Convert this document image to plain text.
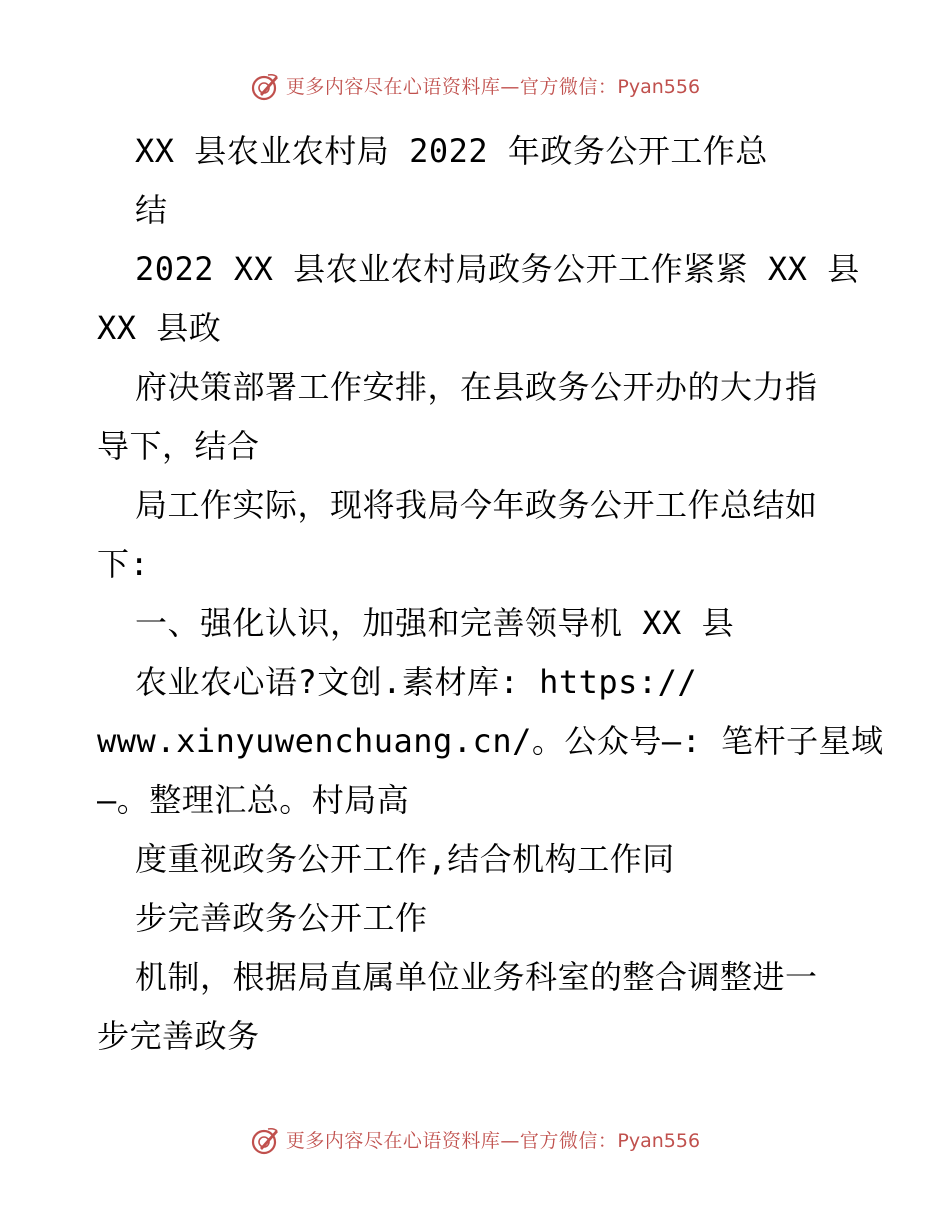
更多内容尽在心语资料库—官方微信： Pyan556
XX 县农业农村局 2022 年政务公开工作总
结
2022 XX 县农业农村局政务公开工作紧紧 XX 县
XX 县政
府决策部署工作安排，在县政务公开办的大力指
导下，结合
局工作实际，现将我局今年政务公开工作总结如
下:
一、强化认识，加强和完善领导机 XX 县
农业农心语?文创.素材库: https://
www.xinyuwenchuang.cn/。公众号—: 笔杆子星域
—。整理汇总。村局高
度重视政务公开工作,结合机构工作同
步完善政务公开工作
机制，根据局直属单位业务科室的整合调整进一
步完善政务
更多内容尽在心语资料库—官方微信： Pyan556
